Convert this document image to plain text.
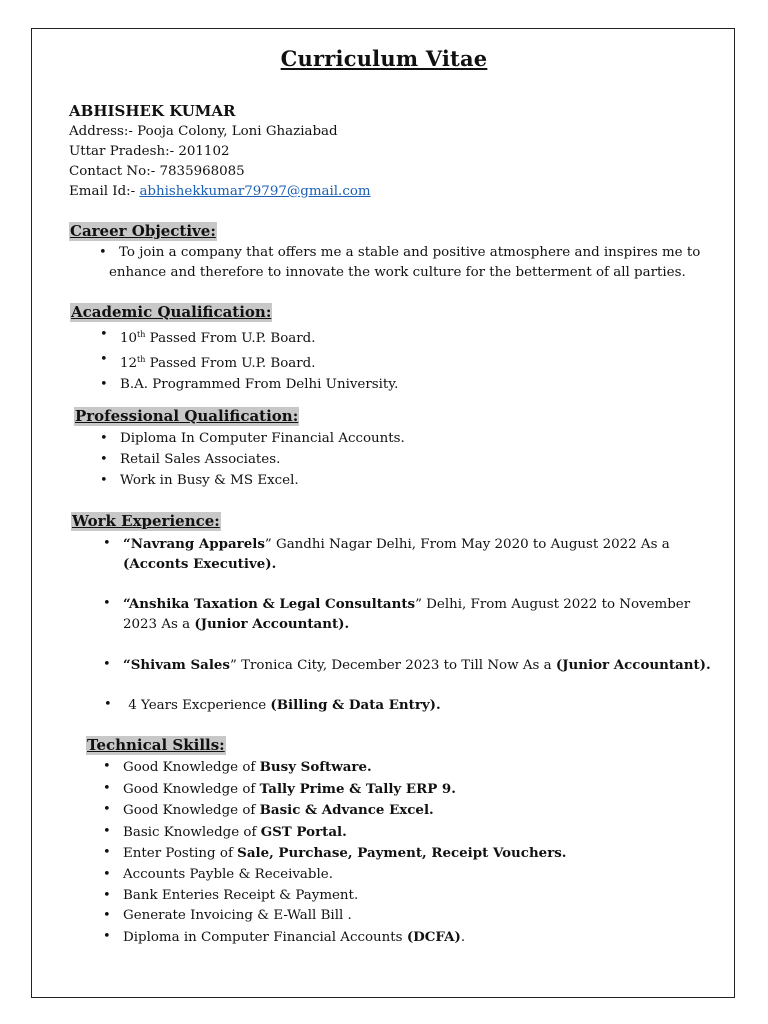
Curriculum Vitae
ABHISHEK KUMAR
Address:- Pooja Colony, Loni Ghaziabad
Uttar Pradesh:- 201102
Contact No:- 7835968085
Email Id:- abhishekkumar79797@gmail.com
Career Objective:
• To join a company that offers me a stable and positive atmosphere and inspires me to
enhance and therefore to innovate the work culture for the betterment of all parties.
Academic Qualification:
• 10th Passed From U.P. Board.
• 12th Passed From U.P. Board.
• B.A. Programmed From Delhi University.
Professional Qualification:
• Diploma In Computer Financial Accounts.
• Retail Sales Associates.
• Work in Busy & MS Excel.
Work Experience:
• “Navrang Apparels” Gandhi Nagar Delhi, From May 2020 to August 2022 As a
(Acconts Executive).
• “Anshika Taxation & Legal Consultants” Delhi, From August 2022 to November
2023 As a (Junior Accountant).
• “Shivam Sales” Tronica City, December 2023 to Till Now As a (Junior Accountant).
•  4 Years Excperience (Billing & Data Entry).
Technical Skills:
• Good Knowledge of Busy Software.
• Good Knowledge of Tally Prime & Tally ERP 9.
• Good Knowledge of Basic & Advance Excel.
• Basic Knowledge of GST Portal.
• Enter Posting of Sale, Purchase, Payment, Receipt Vouchers.
• Accounts Payble & Receivable.
• Bank Enteries Receipt & Payment.
• Generate Invoicing & E-Wall Bill .
• Diploma in Computer Financial Accounts (DCFA).
